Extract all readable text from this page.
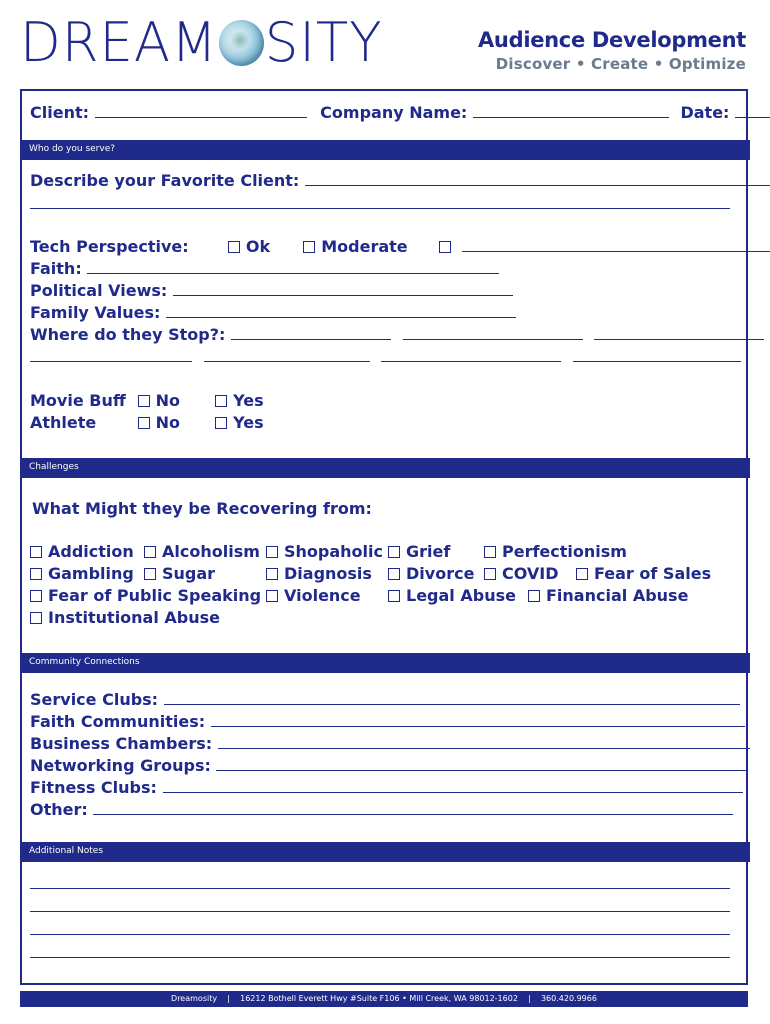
DREAM SITY	Audience Development
Discover • Create • Optimize
Client:	Company Name:	Date:
Who do you serve?
Describe your Favorite Client:
Tech Perspective:	Ok	Moderate
Faith:
Political Views:
Family Values:
Where do they Stop?:

Movie Buff No	Yes
Athlete	No	Yes
Challenges
What Might they be Recovering from:
Addiction Alcoholism Shopaholic Grief	Perfectionism
Gambling Sugar	Diagnosis Divorce COVID Fear of Sales
Fear of Public Speaking Violence	Legal Abuse Financial Abuse
Institutional Abuse
Community Connections
Service Clubs:
Faith Communities:
Business Chambers:
Networking Groups:
Fitness Clubs:
Other:
Additional Notes
Dreamosity    |    16212 Bothell Everett Hwy #Suite F106 • Mill Creek, WA 98012-1602    |    360.420.9966
